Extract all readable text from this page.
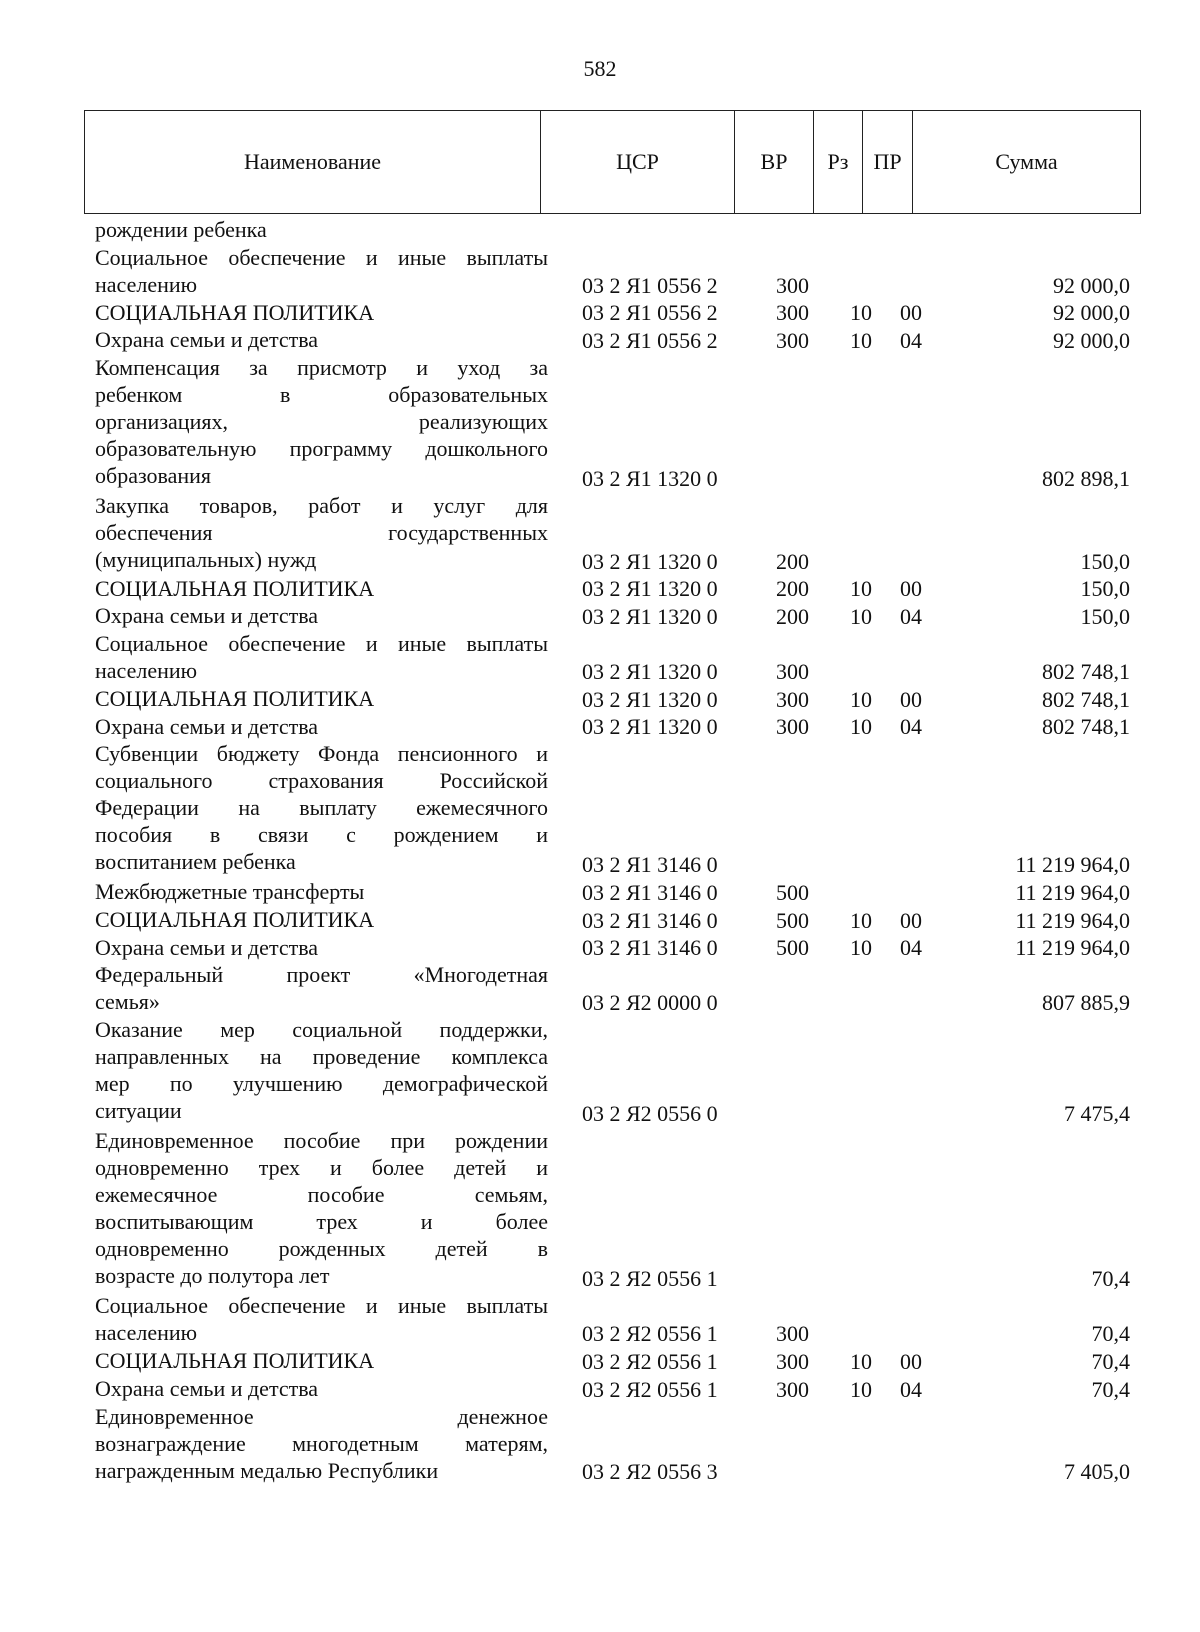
582
Наименование	ЦСР	ВР	Рз	ПР	Сумма
рождении ребенка
Социальное обеспечение и иные выплаты
населению	03 2 Я1 0556 2	300	92 000,0
СОЦИАЛЬНАЯ ПОЛИТИКА	03 2 Я1 0556 2	300 10 00	92 000,0
Охрана семьи и детства	03 2 Я1 0556 2	300 10 04	92 000,0
Компенсация за присмотр и уход за
ребенком в образовательных
организациях, реализующих
образовательную программу дошкольного
образования	03 2 Я1 1320 0	802 898,1
Закупка товаров, работ и услуг для
обеспечения государственных
(муниципальных) нужд	03 2 Я1 1320 0	200	150,0
СОЦИАЛЬНАЯ ПОЛИТИКА	03 2 Я1 1320 0	200 10 00	150,0
Охрана семьи и детства	03 2 Я1 1320 0	200 10 04	150,0
Социальное обеспечение и иные выплаты
населению	03 2 Я1 1320 0	300	802 748,1
СОЦИАЛЬНАЯ ПОЛИТИКА	03 2 Я1 1320 0	300 10 00	802 748,1
Охрана семьи и детства	03 2 Я1 1320 0	300 10 04	802 748,1
Субвенции бюджету Фонда пенсионного и
социального страхования Российской
Федерации на выплату ежемесячного
пособия в связи с рождением и
воспитанием ребенка	03 2 Я1 3146 0	11 219 964,0
Межбюджетные трансферты	03 2 Я1 3146 0	500	11 219 964,0
СОЦИАЛЬНАЯ ПОЛИТИКА	03 2 Я1 3146 0	500 10 00	11 219 964,0
Охрана семьи и детства	03 2 Я1 3146 0	500 10 04	11 219 964,0
Федеральный проект «Многодетная
семья»	03 2 Я2 0000 0	807 885,9
Оказание мер социальной поддержки,
направленных на проведение комплекса
мер по улучшению демографической
ситуации	03 2 Я2 0556 0	7 475,4
Единовременное пособие при рождении
одновременно трех и более детей и
ежемесячное пособие семьям,
воспитывающим трех и более
одновременно рожденных детей в
возрасте до полутора лет	03 2 Я2 0556 1	70,4
Социальное обеспечение и иные выплаты
населению	03 2 Я2 0556 1	300	70,4
СОЦИАЛЬНАЯ ПОЛИТИКА	03 2 Я2 0556 1	300 10 00	70,4
Охрана семьи и детства	03 2 Я2 0556 1	300 10 04	70,4
Единовременное денежное
вознаграждение многодетным матерям,
награжденным медалью Республики	03 2 Я2 0556 3	7 405,0
